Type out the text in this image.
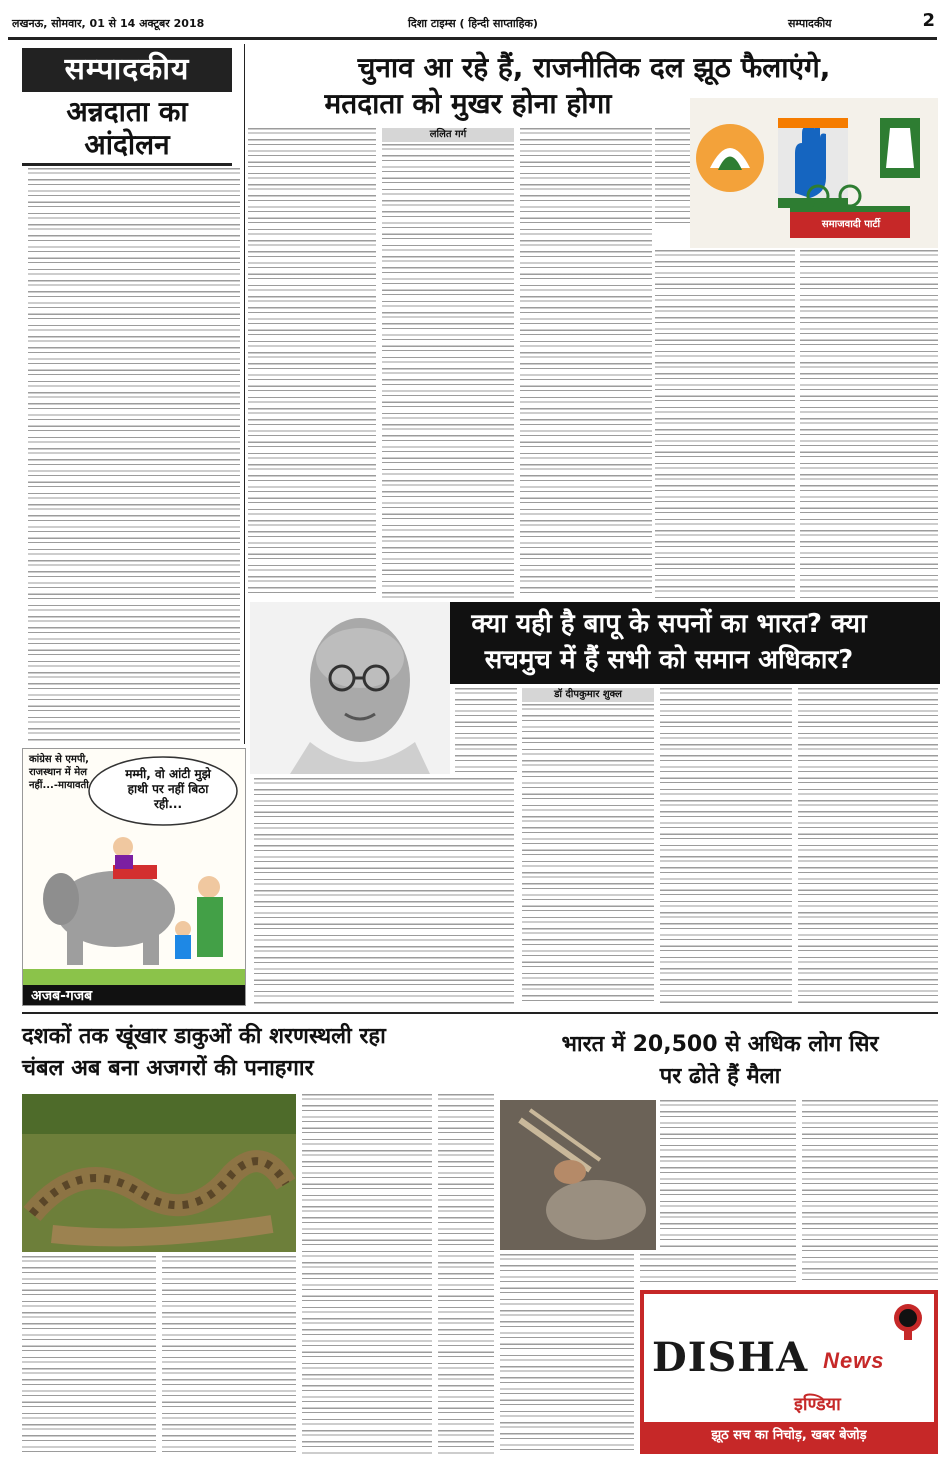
लखनऊ, सोमवार, 01 से 14 अक्टूबर 2018	दिशा टाइम्स ( हिन्दी साप्ताहिक)	सम्पादकीय	2
सम्पादकीय
अन्नदाता का
आंदोलन
चुनाव आ रहे हैं, राजनीतिक दल झूठ फैलाएंगे,
मतदाता को मुखर होना होगा
ललित गर्ग
समाजवादी पार्टी
क्या यही है बापू के सपनों का भारत? क्या
सचमुच में हैं सभी को समान अधिकार?
डॉ दीपकुमार शुक्ल
कांग्रेस से एमपी, राजस्थान में मेल नहीं...-मायावती
मम्मी, वो आंटी मुझे हाथी पर नहीं बिठा रही...
अजब-गजब
दशकों तक खूंखार डाकुओं की शरणस्थली रहा
चंबल अब बना अजगरों की पनाहगार
भारत में 20,500 से अधिक लोग सिर
पर ढोते हैं मैला
DISHA News
इण्डिया
झूठ सच का निचोड़, खबर बेजोड़
